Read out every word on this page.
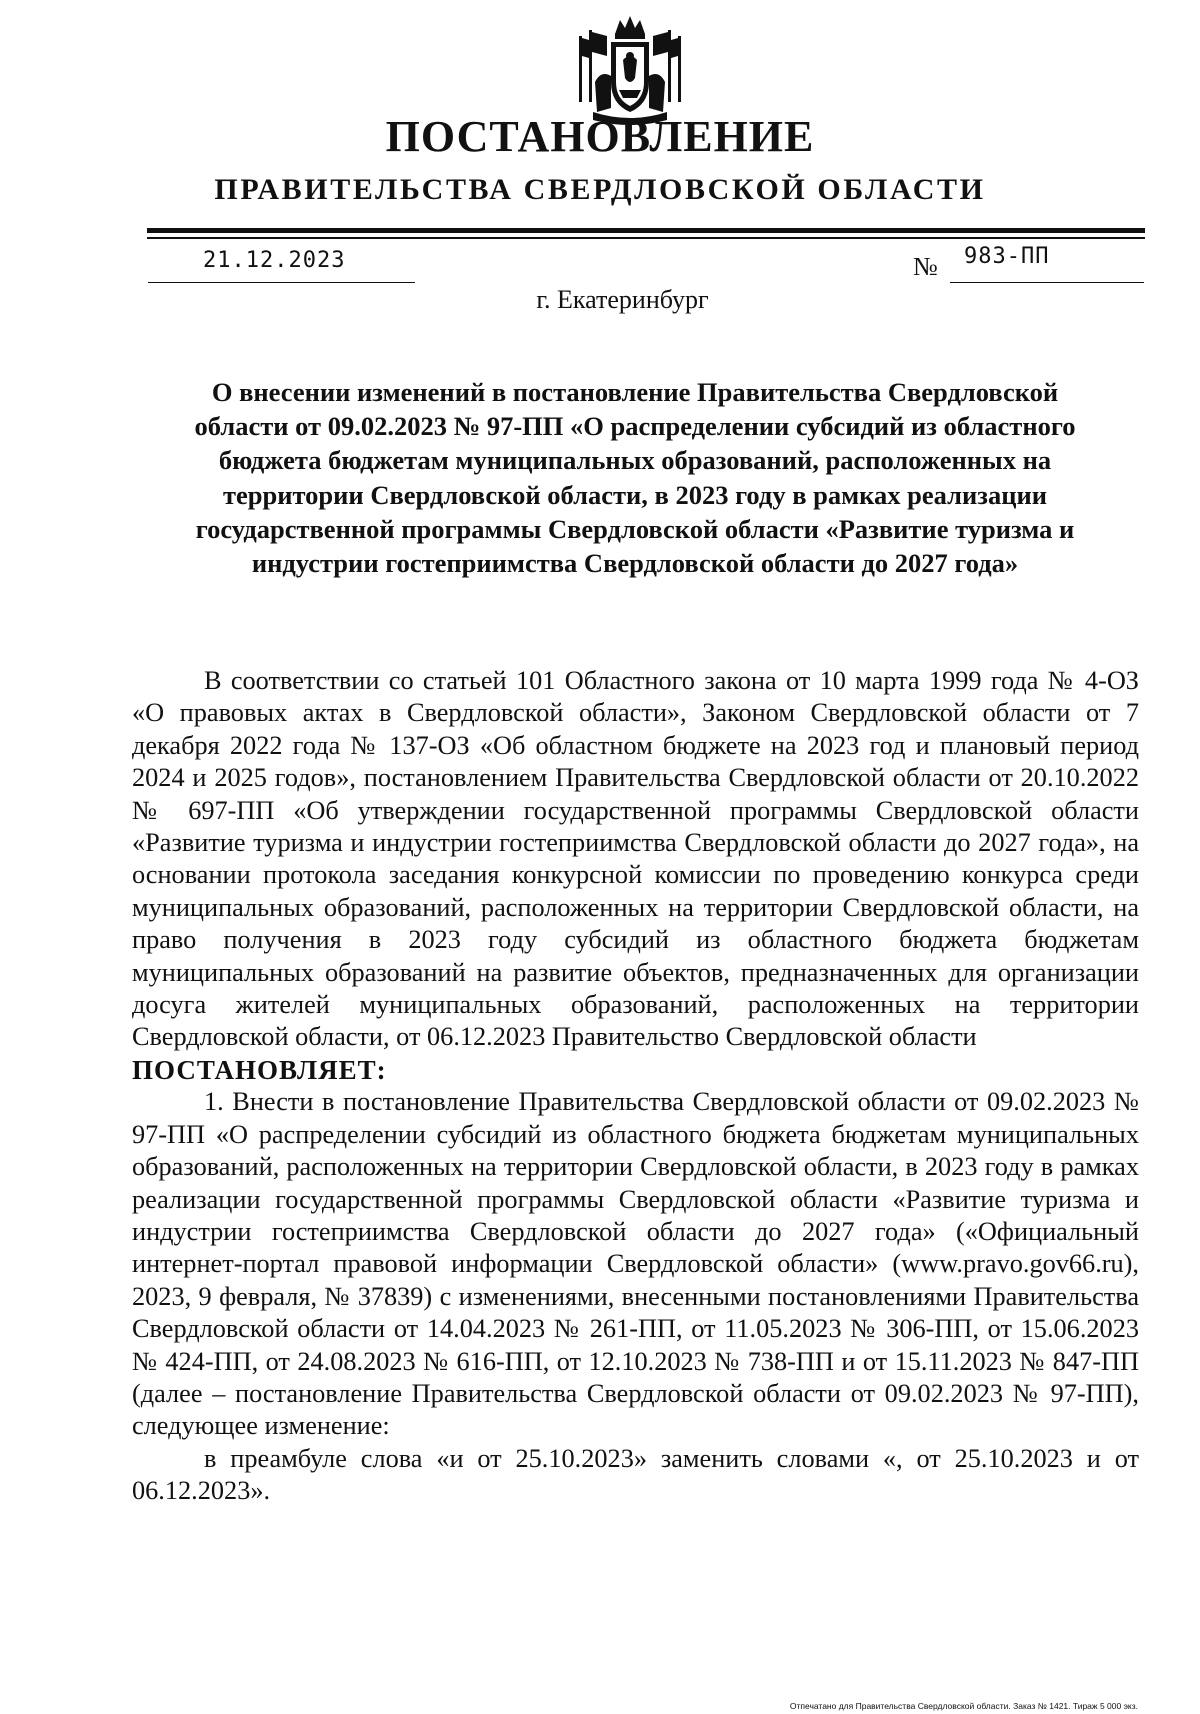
ПОСТАНОВЛЕНИЕ
ПРАВИТЕЛЬСТВА СВЕРДЛОВСКОЙ ОБЛАСТИ
21.12.2023	№ 983-ПП
г. Екатеринбург

О внесении изменений в постановление Правительства Свердловской области от 09.02.2023 № 97-ПП «О распределении субсидий из областного бюджета бюджетам муниципальных образований, расположенных на территории Свердловской области, в 2023 году в рамках реализации государственной программы Свердловской области «Развитие туризма и индустрии гостеприимства Свердловской области до 2027 года»

В соответствии со статьей 101 Областного закона от 10 марта 1999 года № 4-ОЗ «О правовых актах в Свердловской области», Законом Свердловской области от 7 декабря 2022 года № 137-ОЗ «Об областном бюджете на 2023 год и плановый период 2024 и 2025 годов», постановлением Правительства Свердловской области от 20.10.2022 № 697-ПП «Об утверждении государственной программы Свердловской области «Развитие туризма и индустрии гостеприимства Свердловской области до 2027 года», на основании протокола заседания конкурсной комиссии по проведению конкурса среди муниципальных образований, расположенных на территории Свердловской области, на право получения в 2023 году субсидий из областного бюджета бюджетам муниципальных образований на развитие объектов, предназначенных для организации досуга жителей муниципальных образований, расположенных на территории Свердловской области, от 06.12.2023 Правительство Свердловской области

ПОСТАНОВЛЯЕТ:

1. Внести в постановление Правительства Свердловской области от 09.02.2023 № 97-ПП «О распределении субсидий из областного бюджета бюджетам муниципальных образований, расположенных на территории Свердловской области, в 2023 году в рамках реализации государственной программы Свердловской области «Развитие туризма и индустрии гостеприимства Свердловской области до 2027 года» («Официальный интернет-портал правовой информации Свердловской области» (www.pravo.gov66.ru), 2023, 9 февраля, № 37839) с изменениями, внесенными постановлениями Правительства Свердловской области от 14.04.2023 № 261-ПП, от 11.05.2023 № 306-ПП, от 15.06.2023 № 424-ПП, от 24.08.2023 № 616-ПП, от 12.10.2023 № 738-ПП и от 15.11.2023 № 847-ПП (далее – постановление Правительства Свердловской области от 09.02.2023 № 97-ПП), следующее изменение:

в преамбуле слова «и от 25.10.2023» заменить словами «, от 25.10.2023 и от 06.12.2023».

Отпечатано для Правительства Свердловской области. Заказ № 1421. Тираж 5 000 экз.
